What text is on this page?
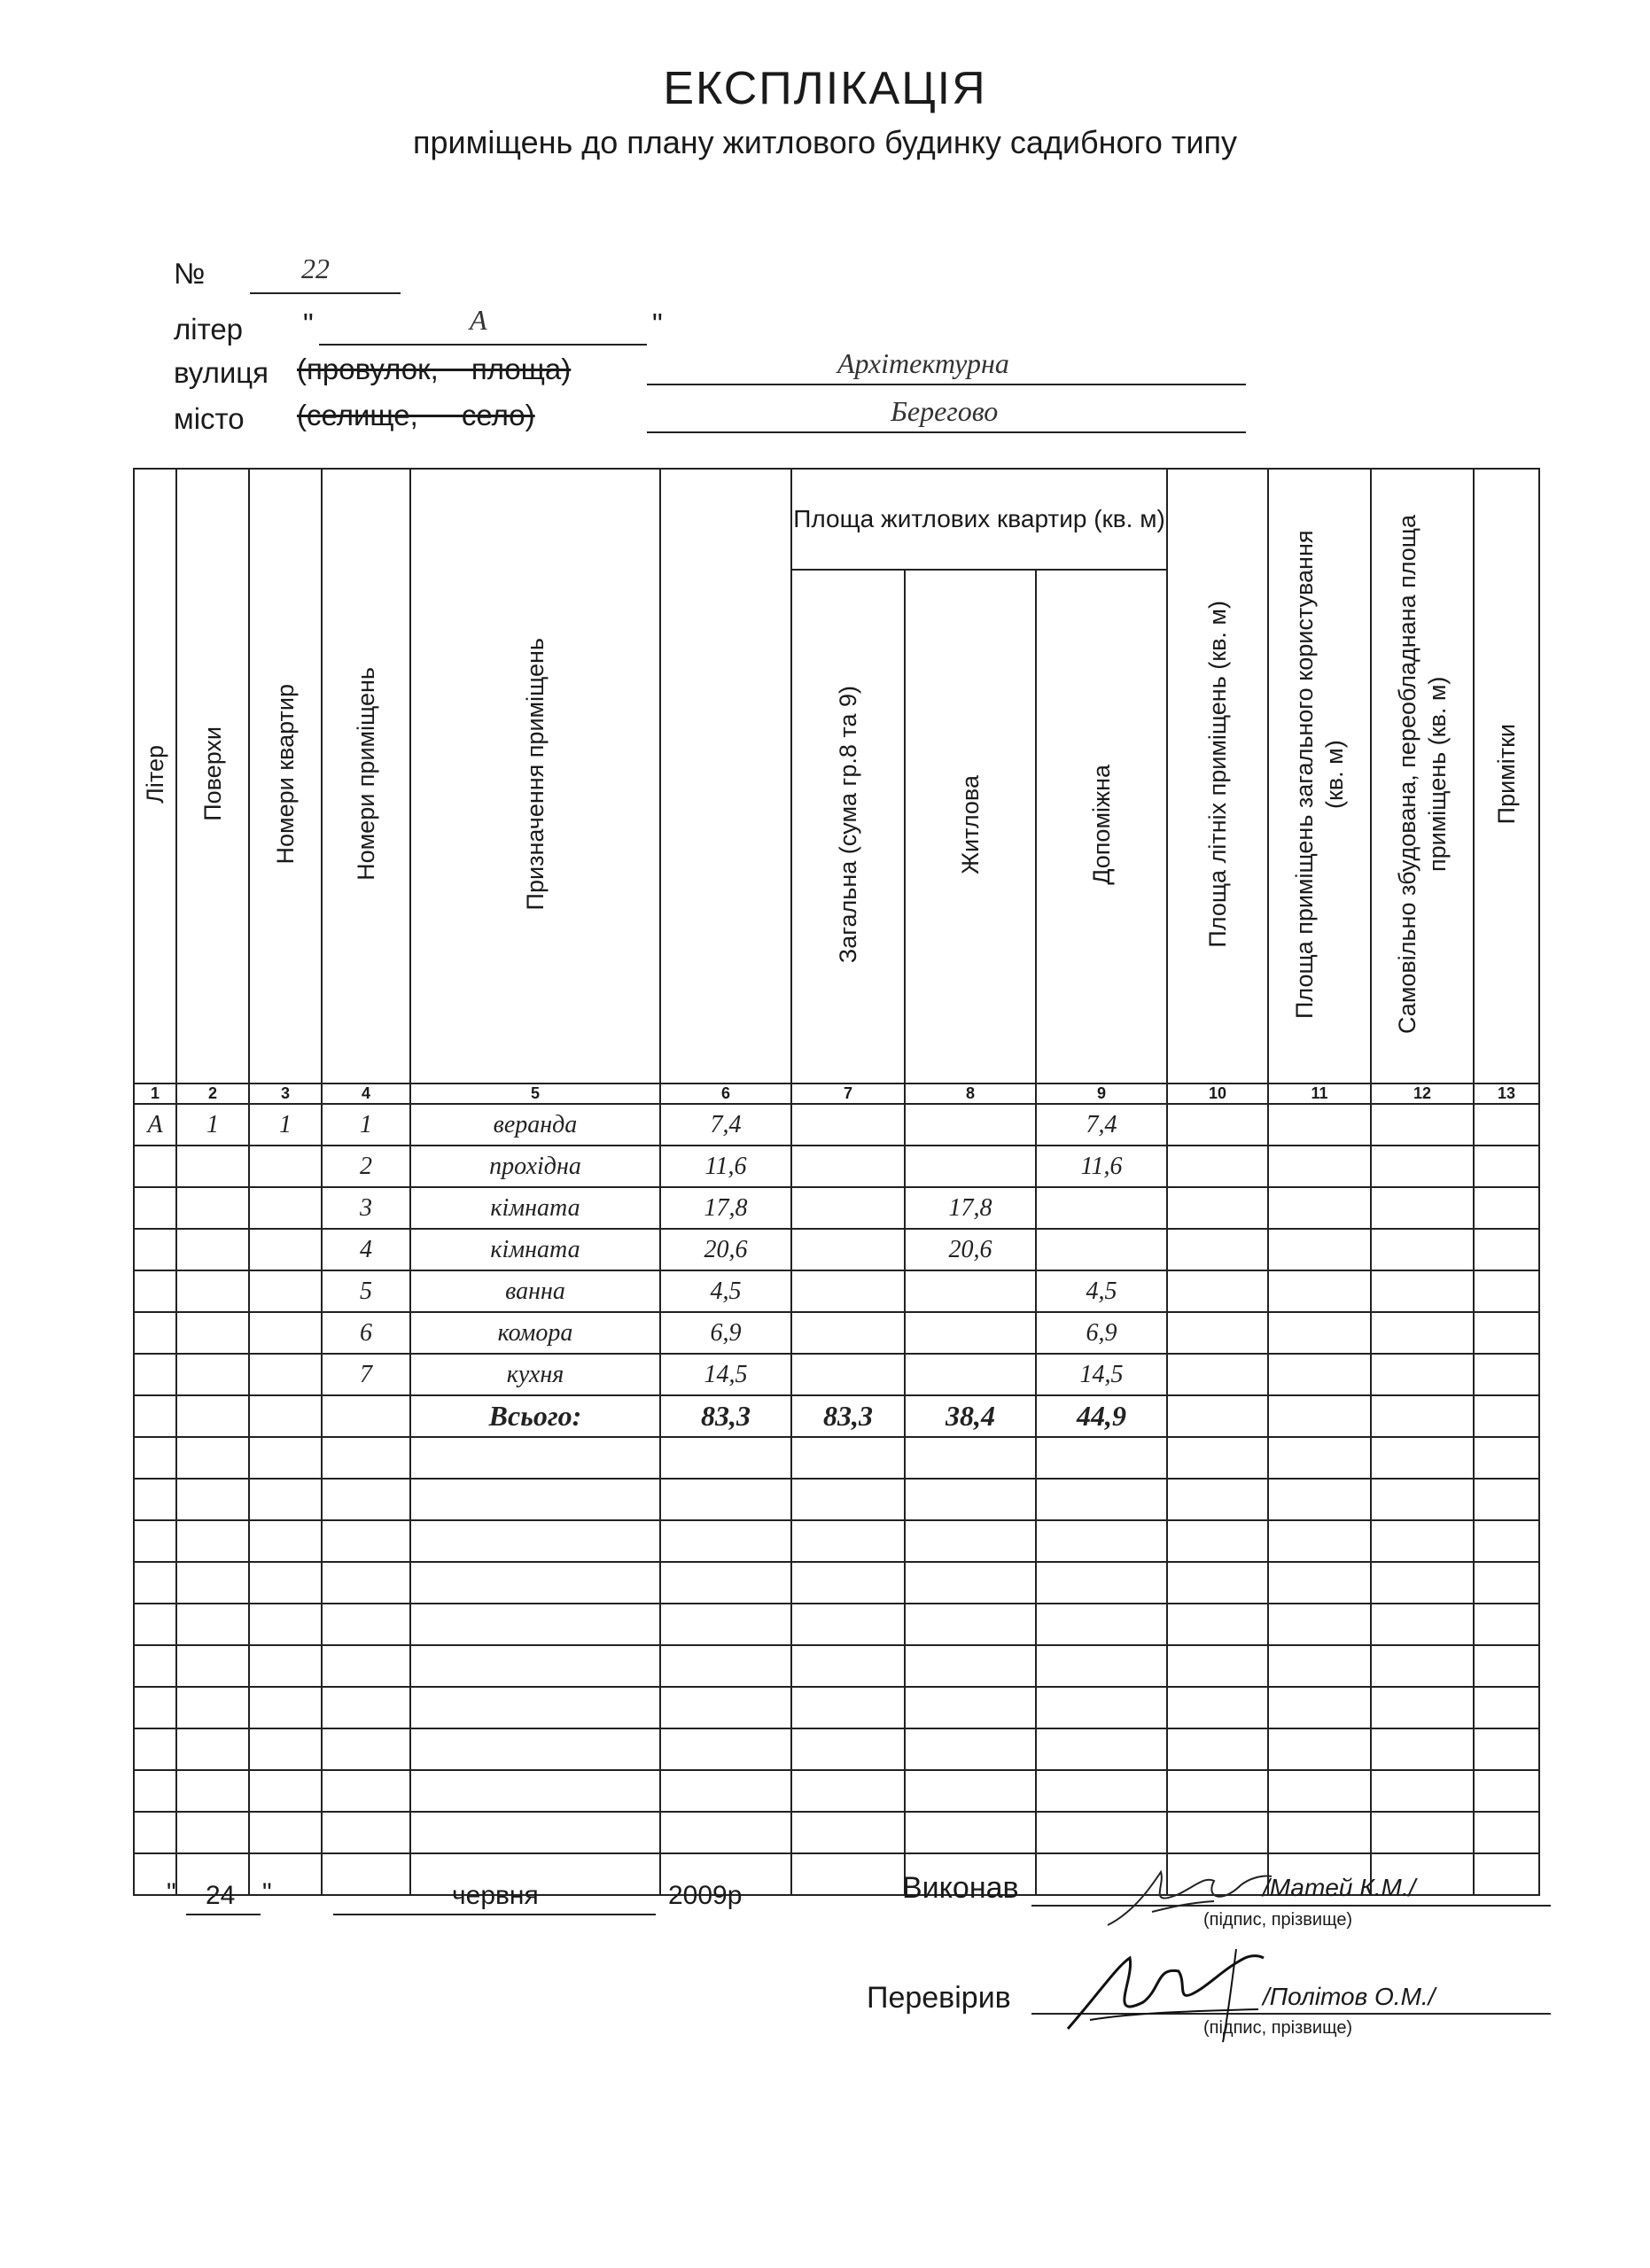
ЕКСПЛІКАЦІЯ
приміщень до плану житлового будинку садибного типу
№	22
літер "	А	"
вулиця (провулок, площа)	Архітектурна
місто (селище, село)	Берегово
Літер	Поверхи	Номери квартир	Номери приміщень	Призначення приміщень		Площа житлових квартир (кв. м)			Площа літніх приміщень (кв. м)	Площа приміщень загального користування (кв. м)	Самовільно збудована, переобладнана площа приміщень (кв. м)	Примітки
						Загальна (сума гр.8 та 9)	Житлова	Допоміжна				
1	2	3	4	5	6	7	8	9	10	11	12	13
А	1	1	1	веранда	7,4			7,4				
			2	прохідна	11,6			11,6				
			3	кімната	17,8		17,8					
			4	кімната	20,6		20,6					
			5	ванна	4,5			4,5				
			6	комора	6,9			6,9				
			7	кухня	14,5			14,5				
				Всього:	83,3	83,3	38,4	44,9				

" 24 "	червня	2009р	Виконав	/Матей К.М./
(підпис, прізвище)
Перевірив	/Політов О.М./
(підпис, прізвище)
